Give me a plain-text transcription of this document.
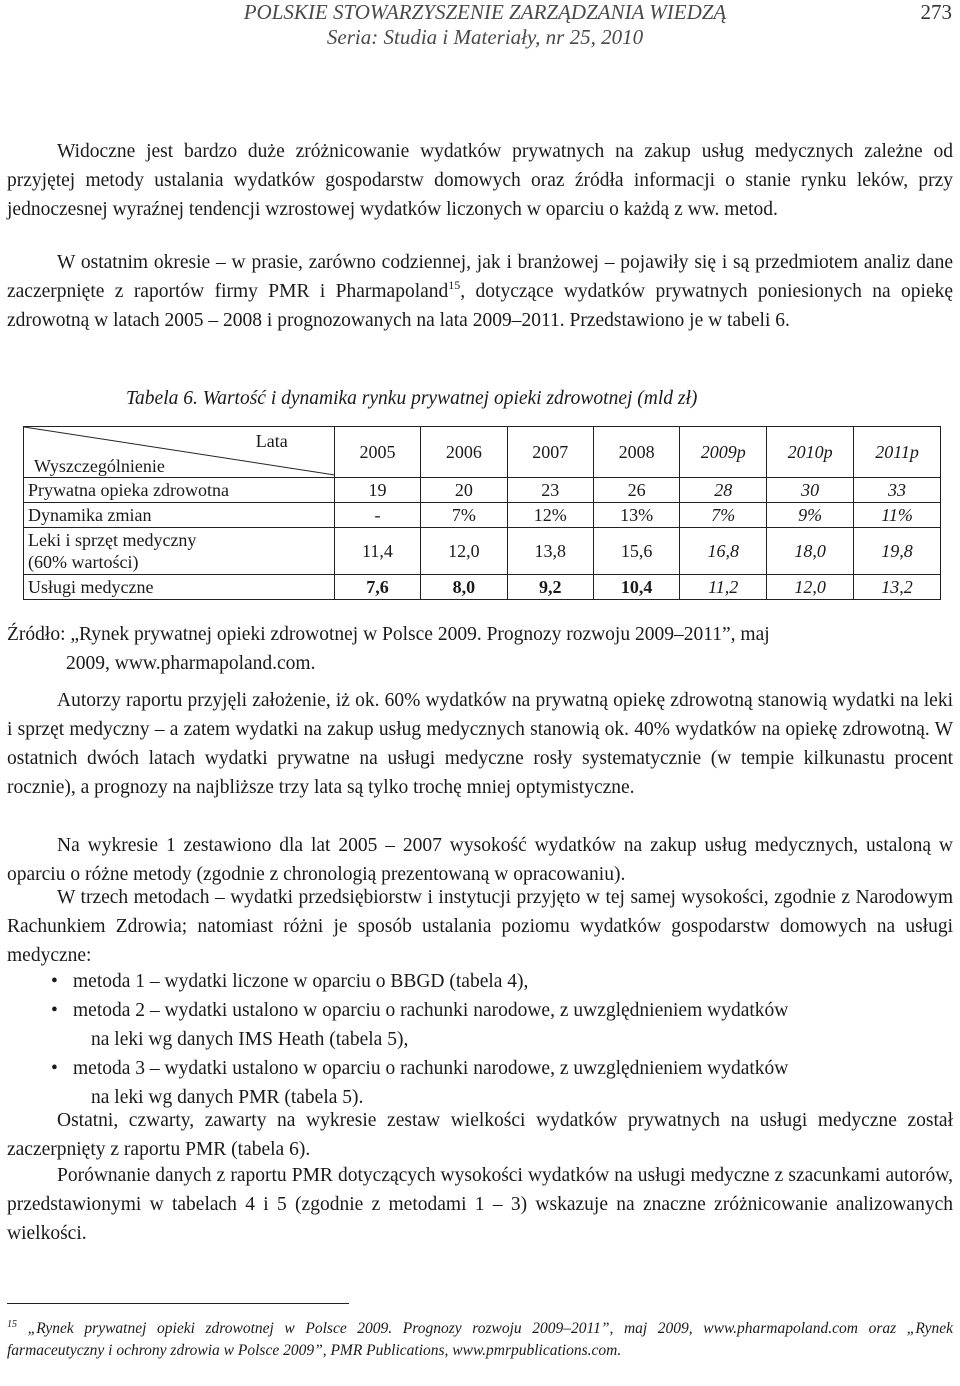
POLSKIE STOWARZYSZENIE ZARZĄDZANIA WIEDZĄ
Seria: Studia i Materiały, nr 25, 2010
273

Widoczne jest bardzo duże zróżnicowanie wydatków prywatnych na zakup usług medycznych zależne od przyjętej metody ustalania wydatków gospodarstw domowych oraz źródła informacji o stanie rynku leków, przy jednoczesnej wyraźnej tendencji wzrostowej wydatków liczonych w oparciu o każdą z ww. metod.

W ostatnim okresie – w prasie, zarówno codziennej, jak i branżowej – pojawiły się i są przedmiotem analiz dane zaczerpnięte z raportów firmy PMR i Pharmapoland$^{15}$, dotyczące wydatków prywatnych poniesionych na opiekę zdrowotną w latach 2005 – 2008 i prognozowanych na lata 2009–2011. Przedstawiono je w tabeli 6.

Tabela 6. Wartość i dynamika rynku prywatnej opieki zdrowotnej (mld zł)
Lata
Wyszczególnienie	2005	2006	2007	2008	2009p	2010p	2011p
Prywatna opieka zdrowotna	19	20	23	26	28	30	33
Dynamika zmian	-	7%	12%	13%	7%	9%	11%

Leki i sprzęt medyczny
(60% wartości)	11,4	12,0	13,8	15,6	16,8	18,0	19,8
Usługi medyczne	7,6	8,0	9,2	10,4	11,2	12,0	13,2
Źródło: „Rynek prywatnej opieki zdrowotnej w Polsce 2009. Prognozy rozwoju 2009–2011”, maj
2009, www.pharmapoland.com.

Autorzy raportu przyjęli założenie, iż ok. 60% wydatków na prywatną opiekę zdrowotną stanowią wydatki na leki i sprzęt medyczny – a zatem wydatki na zakup usług medycznych stanowią ok. 40% wydatków na opiekę zdrowotną. W ostatnich dwóch latach wydatki prywatne na usługi medyczne rosły systematycznie (w tempie kilkunastu procent rocznie), a prognozy na najbliższe trzy lata są tylko trochę mniej optymistyczne.

Na wykresie 1 zestawiono dla lat 2005 – 2007 wysokość wydatków na zakup usług medycznych, ustaloną w oparciu o różne metody (zgodnie z chronologią prezentowaną w opracowaniu).

W trzech metodach – wydatki przedsiębiorstw i instytucji przyjęto w tej samej wysokości, zgodnie z Narodowym Rachunkiem Zdrowia; natomiast różni je sposób ustalania poziomu wydatków gospodarstw domowych na usługi medyczne:

• metoda 1 – wydatki liczone w oparciu o BBGD (tabela 4),
• metoda 2 – wydatki ustalono w oparciu o rachunki narodowe, z uwzględnieniem wydatków
na leki wg danych IMS Heath (tabela 5),
• metoda 3 – wydatki ustalono w oparciu o rachunki narodowe, z uwzględnieniem wydatków
na leki wg danych PMR (tabela 5).

Ostatni, czwarty, zawarty na wykresie zestaw wielkości wydatków prywatnych na usługi medyczne został zaczerpnięty z raportu PMR (tabela 6).

Porównanie danych z raportu PMR dotyczących wysokości wydatków na usługi medyczne z szacunkami autorów, przedstawionymi w tabelach 4 i 5 (zgodnie z metodami 1 – 3) wskazuje na znaczne zróżnicowanie analizowanych wielkości.

$^{15}$ „Rynek prywatnej opieki zdrowotnej w Polsce 2009. Prognozy rozwoju 2009–2011”, maj 2009, www.pharmapoland.com oraz „Rynek farmaceutyczny i ochrony zdrowia w Polsce 2009”, PMR Publications, www.pmrpublications.com.
